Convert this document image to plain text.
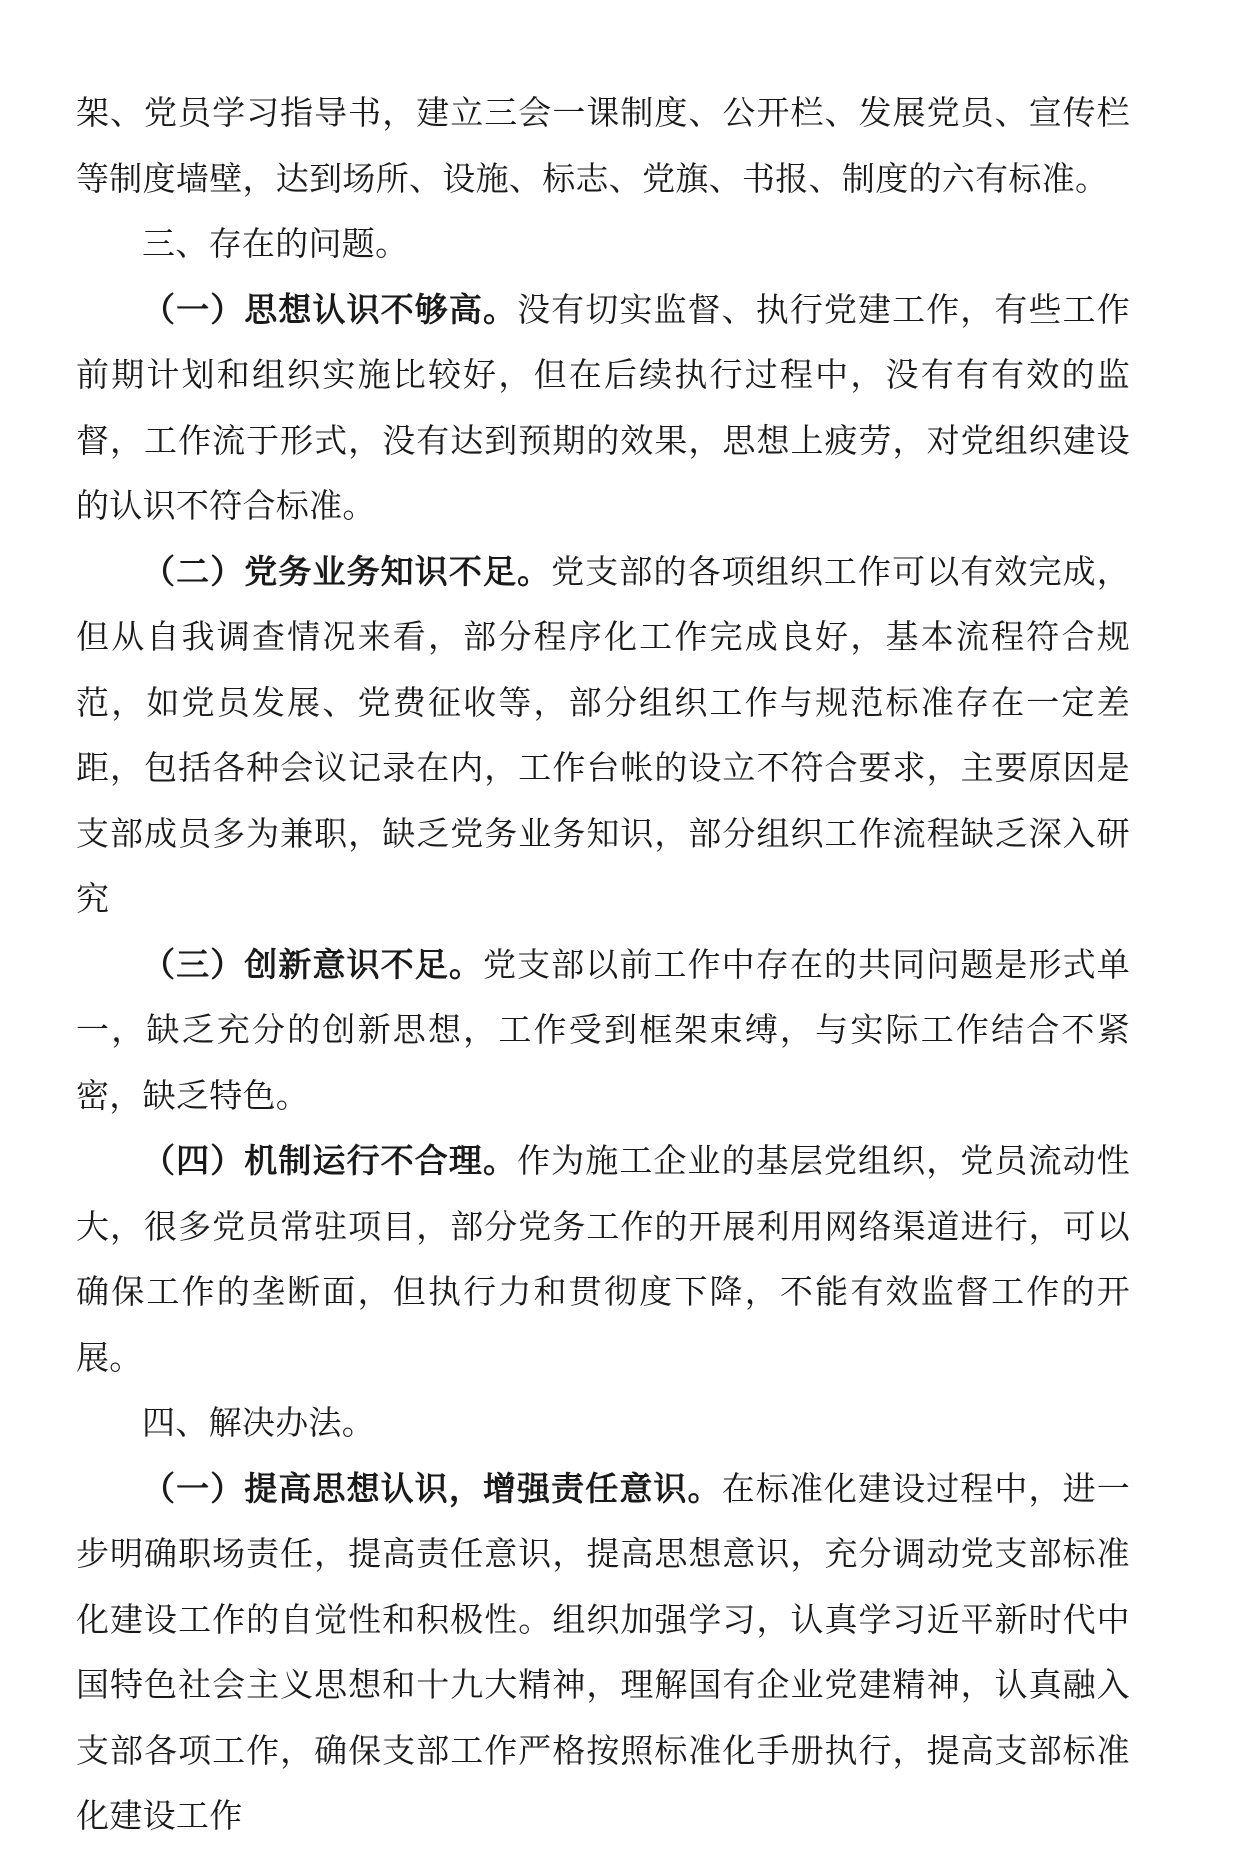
架、党员学习指导书，建立三会一课制度、公开栏、发展党员、宣传栏等制度墙壁，达到场所、设施、标志、党旗、书报、制度的六有标准。

三、存在的问题。

（一）思想认识不够高。没有切实监督、执行党建工作，有些工作前期计划和组织实施比较好，但在后续执行过程中，没有有有效的监督，工作流于形式，没有达到预期的效果，思想上疲劳，对党组织建设的认识不符合标准。

（二）党务业务知识不足。党支部的各项组织工作可以有效完成，但从自我调查情况来看，部分程序化工作完成良好，基本流程符合规范，如党员发展、党费征收等，部分组织工作与规范标准存在一定差距，包括各种会议记录在内，工作台帐的设立不符合要求，主要原因是支部成员多为兼职，缺乏党务业务知识，部分组织工作流程缺乏深入研究

（三）创新意识不足。党支部以前工作中存在的共同问题是形式单一，缺乏充分的创新思想，工作受到框架束缚，与实际工作结合不紧密，缺乏特色。

（四）机制运行不合理。作为施工企业的基层党组织，党员流动性大，很多党员常驻项目，部分党务工作的开展利用网络渠道进行，可以确保工作的垄断面，但执行力和贯彻度下降，不能有效监督工作的开展。

四、解决办法。

（一）提高思想认识，增强责任意识。在标准化建设过程中，进一步明确职场责任，提高责任意识，提高思想意识，充分调动党支部标准化建设工作的自觉性和积极性。组织加强学习，认真学习近平新时代中国特色社会主义思想和十九大精神，理解国有企业党建精神，认真融入支部各项工作，确保支部工作严格按照标准化手册执行，提高支部标准化建设工作
